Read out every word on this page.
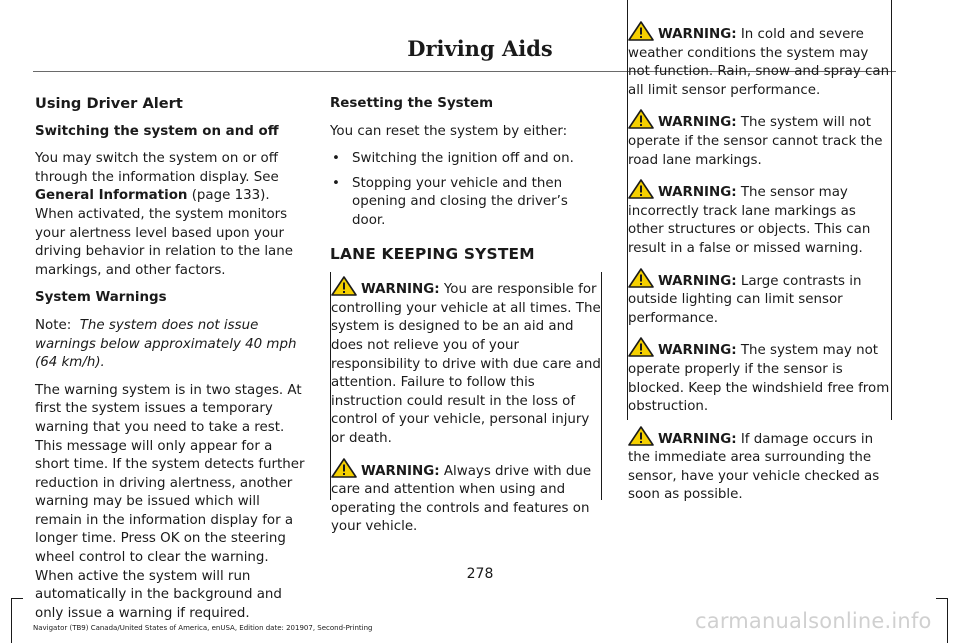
Driving Aids

Using Driver Alert

Switching the system on and off

You may switch the system on or off through the information display. See General Information (page 133). When activated, the system monitors your alertness level based upon your driving behavior in relation to the lane markings, and other factors.

System Warnings

Note: The system does not issue warnings below approximately 40 mph (64 km/h).

The warning system is in two stages. At first the system issues a temporary warning that you need to take a rest. This message will only appear for a short time. If the system detects further reduction in driving alertness, another warning may be issued which will remain in the information display for a longer time. Press OK on the steering wheel control to clear the warning. When active the system will run automatically in the background and only issue a warning if required.

Resetting the System

You can reset the system by either:

• Switching the ignition off and on.
• Stopping your vehicle and then opening and closing the driver’s door.

LANE KEEPING SYSTEM

WARNING: You are responsible for controlling your vehicle at all times. The system is designed to be an aid and does not relieve you of your responsibility to drive with due care and attention. Failure to follow this instruction could result in the loss of control of your vehicle, personal injury or death.

WARNING: Always drive with due care and attention when using and operating the controls and features on your vehicle.

WARNING: In cold and severe weather conditions the system may not function. Rain, snow and spray can all limit sensor performance.

WARNING: The system will not operate if the sensor cannot track the road lane markings.

WARNING: The sensor may incorrectly track lane markings as other structures or objects. This can result in a false or missed warning.

WARNING: Large contrasts in outside lighting can limit sensor performance.

WARNING: The system may not operate properly if the sensor is blocked. Keep the windshield free from obstruction.

WARNING: If damage occurs in the immediate area surrounding the sensor, have your vehicle checked as soon as possible.

278
Navigator (TB9) Canada/United States of America, enUSA, Edition date: 201907, Second-Printing	carmanualsonline.info
